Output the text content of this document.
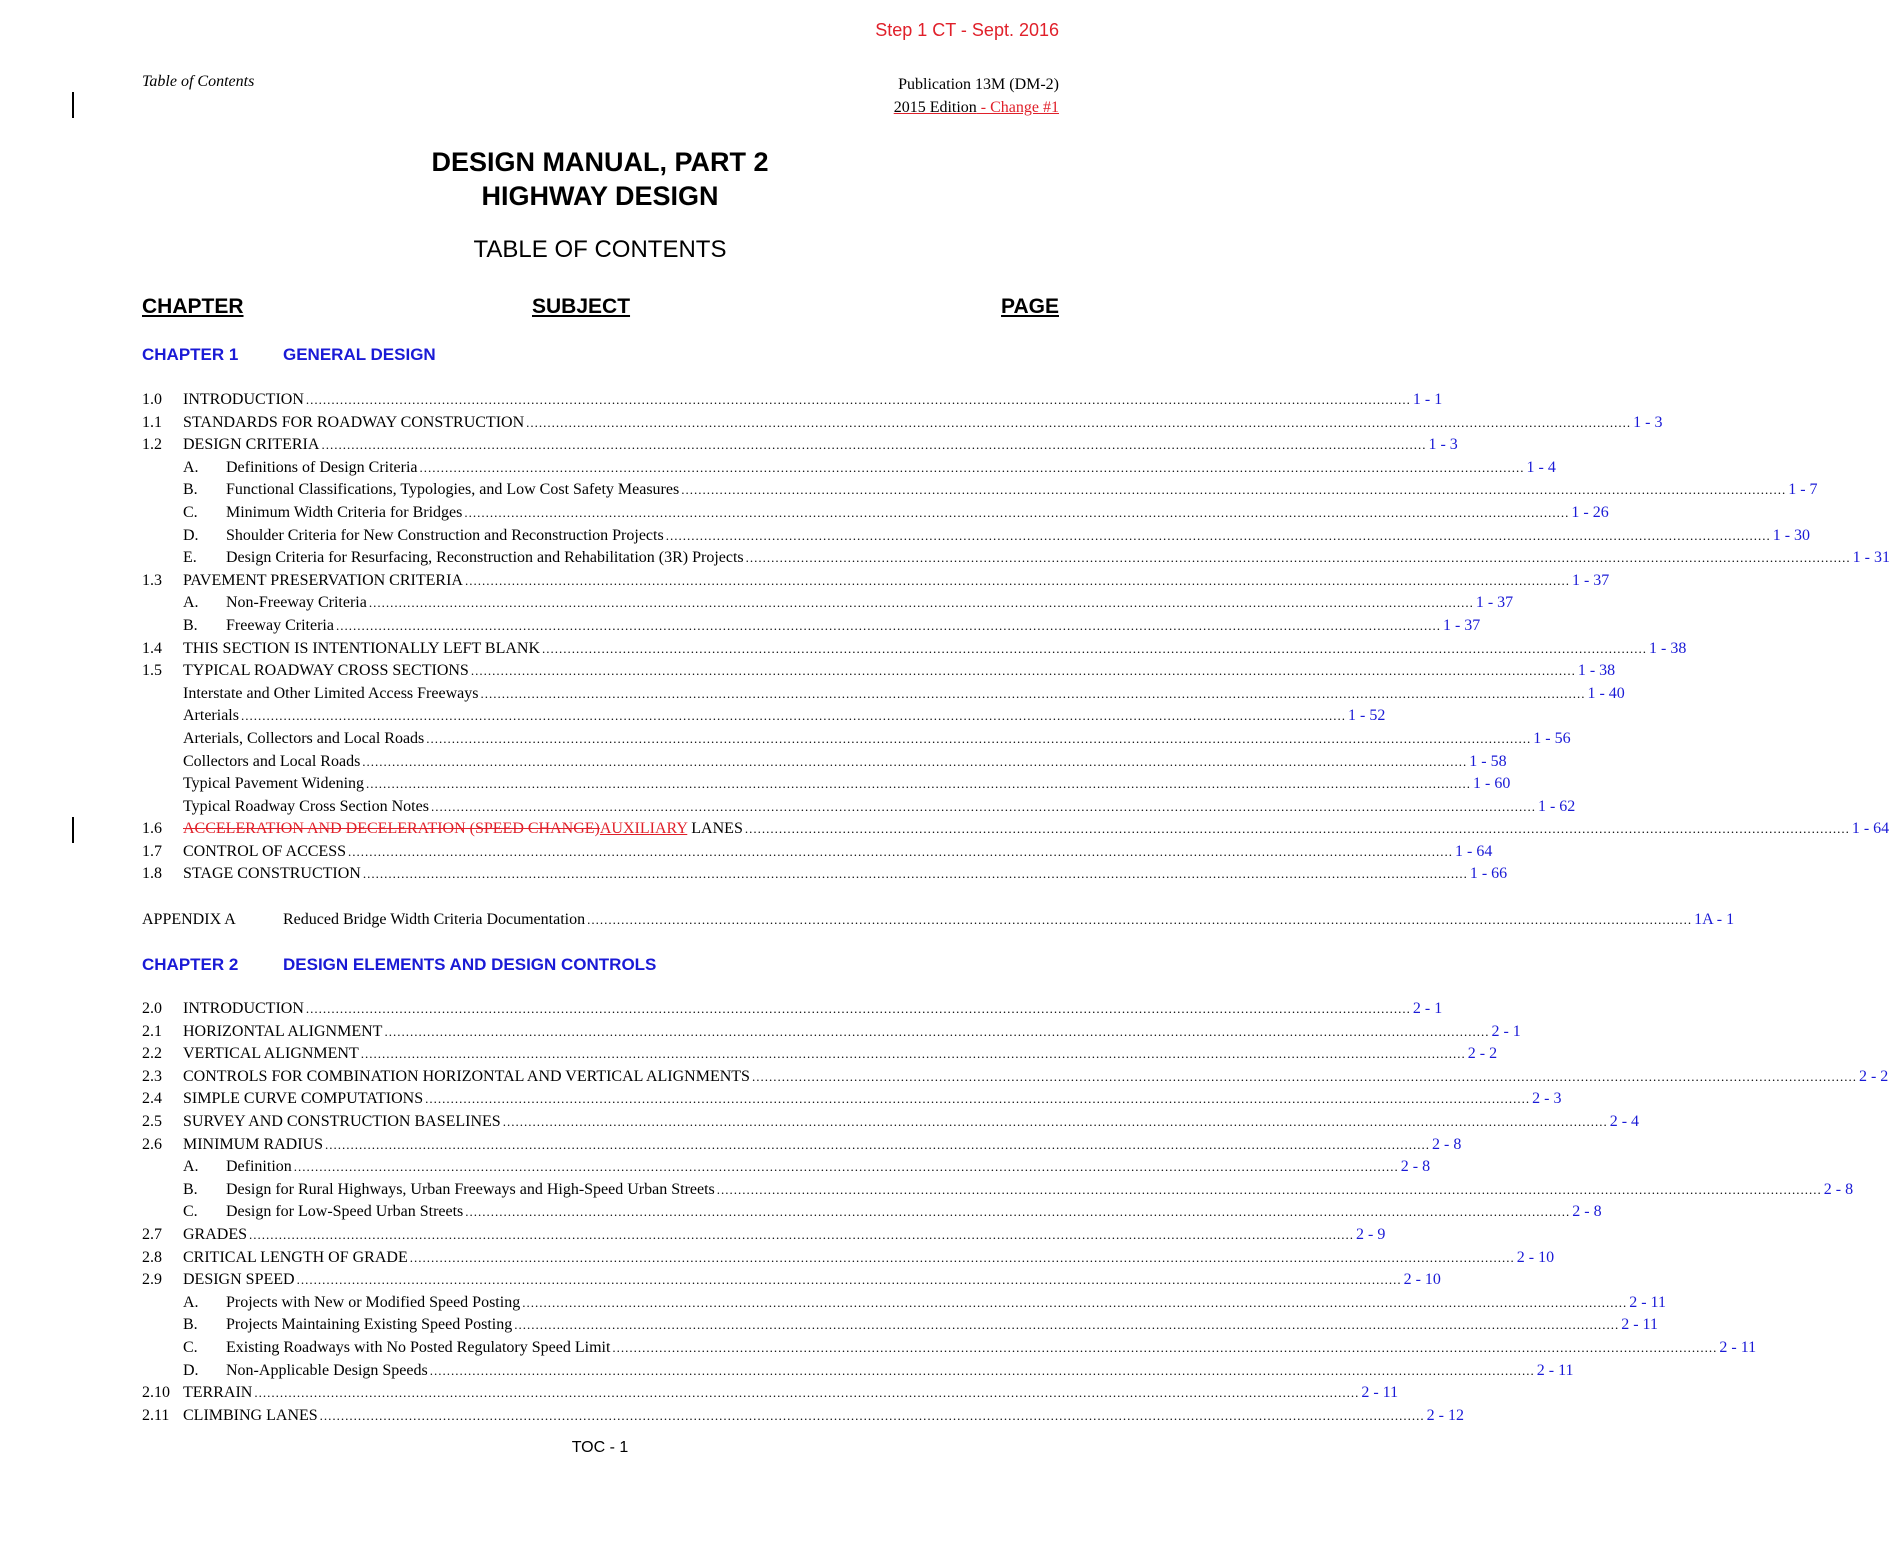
Step 1 CT - Sept. 2016
Table of Contents	Publication 13M (DM-2)
2015 Edition - Change #1
DESIGN MANUAL, PART 2
HIGHWAY DESIGN
TABLE OF CONTENTS
CHAPTER	SUBJECT	PAGE
CHAPTER 1	GENERAL DESIGN
1.0	INTRODUCTION .................................................................................................................................................................................................................................................................... 1 - 1
1.1	STANDARDS FOR ROADWAY CONSTRUCTION .................................................................................................................................................................................................................................................................... 1 - 3
1.2	DESIGN CRITERIA .................................................................................................................................................................................................................................................................... 1 - 3
A.	Definitions of Design Criteria .................................................................................................................................................................................................................................................................... 1 - 4
B.	Functional Classifications, Typologies, and Low Cost Safety Measures .................................................................................................................................................................................................................................................................... 1 - 7
C.	Minimum Width Criteria for Bridges .................................................................................................................................................................................................................................................................... 1 - 26
D.	Shoulder Criteria for New Construction and Reconstruction Projects .................................................................................................................................................................................................................................................................... 1 - 30
E.	Design Criteria for Resurfacing, Reconstruction and Rehabilitation (3R) Projects .................................................................................................................................................................................................................................................................... 1 - 31
1.3	PAVEMENT PRESERVATION CRITERIA .................................................................................................................................................................................................................................................................... 1 - 37
A.	Non-Freeway Criteria .................................................................................................................................................................................................................................................................... 1 - 37
B.	Freeway Criteria .................................................................................................................................................................................................................................................................... 1 - 37
1.4	THIS SECTION IS INTENTIONALLY LEFT BLANK .................................................................................................................................................................................................................................................................... 1 - 38
1.5	TYPICAL ROADWAY CROSS SECTIONS .................................................................................................................................................................................................................................................................... 1 - 38
Interstate and Other Limited Access Freeways .................................................................................................................................................................................................................................................................... 1 - 40
Arterials .................................................................................................................................................................................................................................................................... 1 - 52
Arterials, Collectors and Local Roads .................................................................................................................................................................................................................................................................... 1 - 56
Collectors and Local Roads .................................................................................................................................................................................................................................................................... 1 - 58
Typical Pavement Widening .................................................................................................................................................................................................................................................................... 1 - 60
Typical Roadway Cross Section Notes .................................................................................................................................................................................................................................................................... 1 - 62
1.6	ACCELERATION AND DECELERATION (SPEED CHANGE)AUXILIARY LANES .................................................................................................................................................................................................................................................................... 1 - 64
1.7	CONTROL OF ACCESS .................................................................................................................................................................................................................................................................... 1 - 64
1.8	STAGE CONSTRUCTION .................................................................................................................................................................................................................................................................... 1 - 66
APPENDIX A	Reduced Bridge Width Criteria Documentation .................................................................................................................................................................................................................................................................... 1A - 1
CHAPTER 2	DESIGN ELEMENTS AND DESIGN CONTROLS
2.0	INTRODUCTION .................................................................................................................................................................................................................................................................... 2 - 1
2.1	HORIZONTAL ALIGNMENT .................................................................................................................................................................................................................................................................... 2 - 1
2.2	VERTICAL ALIGNMENT .................................................................................................................................................................................................................................................................... 2 - 2
2.3	CONTROLS FOR COMBINATION HORIZONTAL AND VERTICAL ALIGNMENTS .................................................................................................................................................................................................................................................................... 2 - 2
2.4	SIMPLE CURVE COMPUTATIONS .................................................................................................................................................................................................................................................................... 2 - 3
2.5	SURVEY AND CONSTRUCTION BASELINES .................................................................................................................................................................................................................................................................... 2 - 4
2.6	MINIMUM RADIUS .................................................................................................................................................................................................................................................................... 2 - 8
A.	Definition .................................................................................................................................................................................................................................................................... 2 - 8
B.	Design for Rural Highways, Urban Freeways and High-Speed Urban Streets .................................................................................................................................................................................................................................................................... 2 - 8
C.	Design for Low-Speed Urban Streets .................................................................................................................................................................................................................................................................... 2 - 8
2.7	GRADES .................................................................................................................................................................................................................................................................... 2 - 9
2.8	CRITICAL LENGTH OF GRADE .................................................................................................................................................................................................................................................................... 2 - 10
2.9	DESIGN SPEED .................................................................................................................................................................................................................................................................... 2 - 10
A.	Projects with New or Modified Speed Posting .................................................................................................................................................................................................................................................................... 2 - 11
B.	Projects Maintaining Existing Speed Posting .................................................................................................................................................................................................................................................................... 2 - 11
C.	Existing Roadways with No Posted Regulatory Speed Limit .................................................................................................................................................................................................................................................................... 2 - 11
D.	Non-Applicable Design Speeds .................................................................................................................................................................................................................................................................... 2 - 11
2.10 TERRAIN .................................................................................................................................................................................................................................................................... 2 - 11
2.11 CLIMBING LANES .................................................................................................................................................................................................................................................................... 2 - 12
TOC - 1
